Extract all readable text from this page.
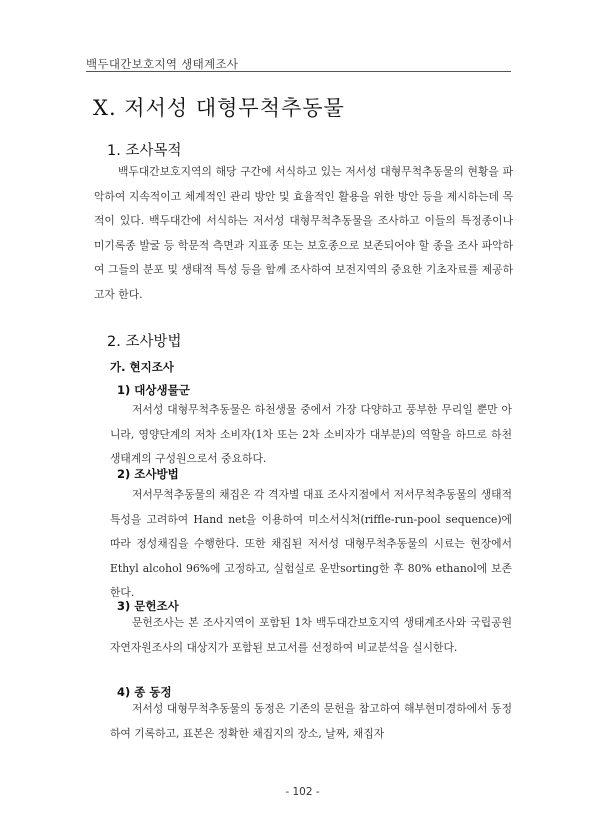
백두대간보호지역 생태계조사
Ⅹ. 저서성 대형무척추동물
1. 조사목적

백두대간보호지역의 해당 구간에 서식하고 있는 저서성 대형무척추동물의 현황을 파악하여 지속적이고 체계적인 관리 방안 및 효율적인 활용을 위한 방안 등을 제시하는데 목적이 있다. 백두대간에 서식하는 저서성 대형무척추동물을 조사하고 이들의 특정종이나 미기록종 발굴 등 학문적 측면과 지표종 또는 보호종으로 보존되어야 할 종을 조사 파악하여 그들의 분포 및 생태적 특성 등을 함께 조사하여 보전지역의 중요한 기초자료를 제공하고자 한다.

2. 조사방법
가. 현지조사
1) 대상생물군

저서성 대형무척추동물은 하천생물 중에서 가장 다양하고 풍부한 무리일 뿐만 아니라, 영양단계의 저차 소비자(1차 또는 2차 소비자가 대부분)의 역할을 하므로 하천생태계의 구성원으로서 중요하다.

2) 조사방법

저서무척추동물의 채집은 각 격자별 대표 조사지점에서 저서무척추동물의 생태적 특성을 고려하여 Hand net을 이용하여 미소서식처(riffle-run-pool sequence)에 따라 정성채집을 수행한다. 또한 채집된 저서성 대형무척추동물의 시료는 현장에서 Ethyl alcohol 96%에 고정하고, 실험실로 운반sorting한 후 80% ethanol에 보존한다.

3) 문헌조사

문헌조사는 본 조사지역이 포함된 1차 백두대간보호지역 생태계조사와 국립공원 자연자원조사의 대상지가 포함된 보고서를 선정하여 비교분석을 실시한다.

4) 종 동정

저서성 대형무척추동물의 동정은 기존의 문헌을 참고하여 해부현미경하에서 동정하여 기록하고, 표본은 정확한 채집지의 장소, 날짜, 채집자

- 102 -
